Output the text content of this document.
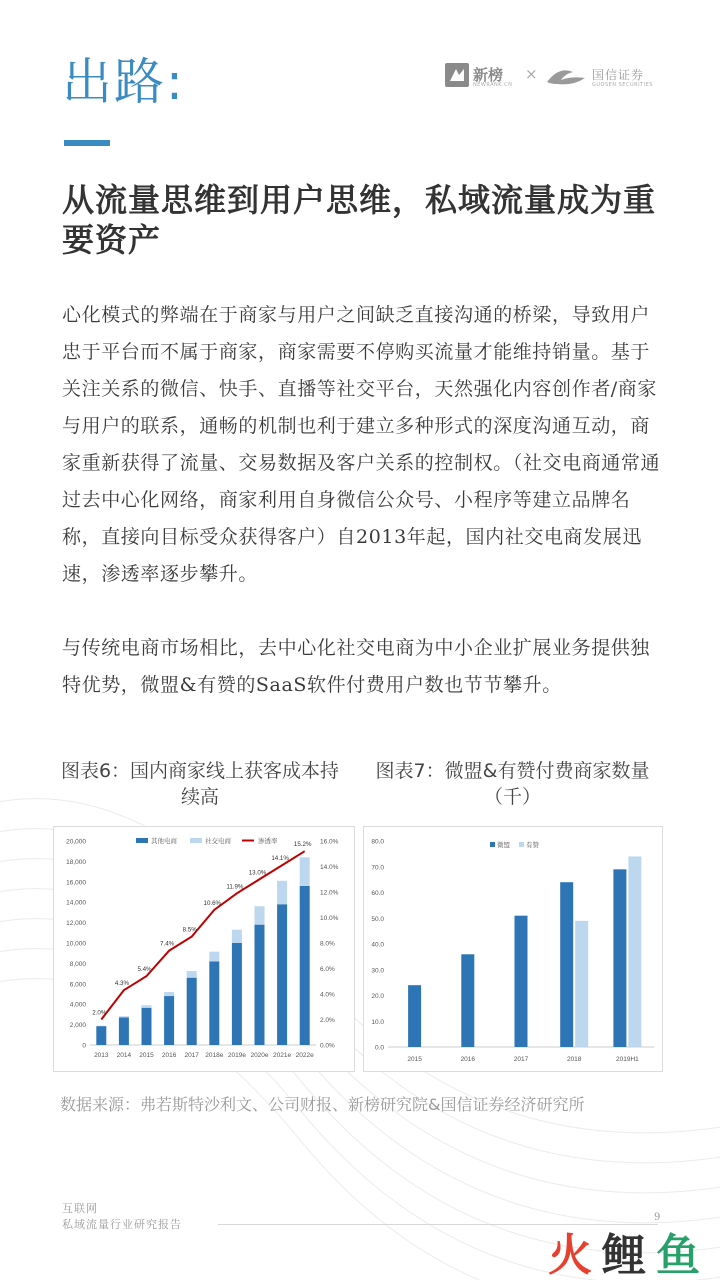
出路:	新榜
NEWRANK.CN
×	国信证券
GUOSEN SECURITIES
从流量思维到用户思维，私域流量成为重要资产

心化模式的弊端在于商家与用户之间缺乏直接沟通的桥梁，导致用户忠于平台而不属于商家，商家需要不停购买流量才能维持销量。基于关注关系的微信、快手、直播等社交平台，天然强化内容创作者/商家与用户的联系，通畅的机制也利于建立多种形式的深度沟通互动，商家重新获得了流量、交易数据及客户关系的控制权。（社交电商通常通过去中心化网络，商家利用自身微信公众号、小程序等建立品牌名称，直接向目标受众获得客户）自2013年起，国内社交电商发展迅速，渗透率逐步攀升。

与传统电商市场相比，去中心化社交电商为中小企业扩展业务提供独特优势，微盟&有赞的SaaS软件付费用户数也节节攀升。

图表6：国内商家线上获客成本持续高
图表7：微盟&有赞付费商家数量（千）
0
2,000
4,000
6,000
8,000
10,000
12,000
14,000
16,000
18,000
20,000
0.0%
2.0%
4.0%
6.0%
8.0%
10.0%
12.0%
14.0%
16.0%
2013 2014 2015 2016 2017 2018e 2019e 2020e 2021e 2022e
2.0%
4.3%
5.4%
7.4%
8.5%
10.6%
11.9%
13.0%
14.1%
15.2%
其他电商	社交电商	渗透率
0.0
10.0
20.0
30.0
40.0
50.0
60.0
70.0
80.0
2015	2016	2017	2018	2019H1
微盟 有赞
数据来源：弗若斯特沙利文、公司财报、新榜研究院&国信证券经济研究所
互联网
私域流量行业研究报告
9
火 鲤 鱼
